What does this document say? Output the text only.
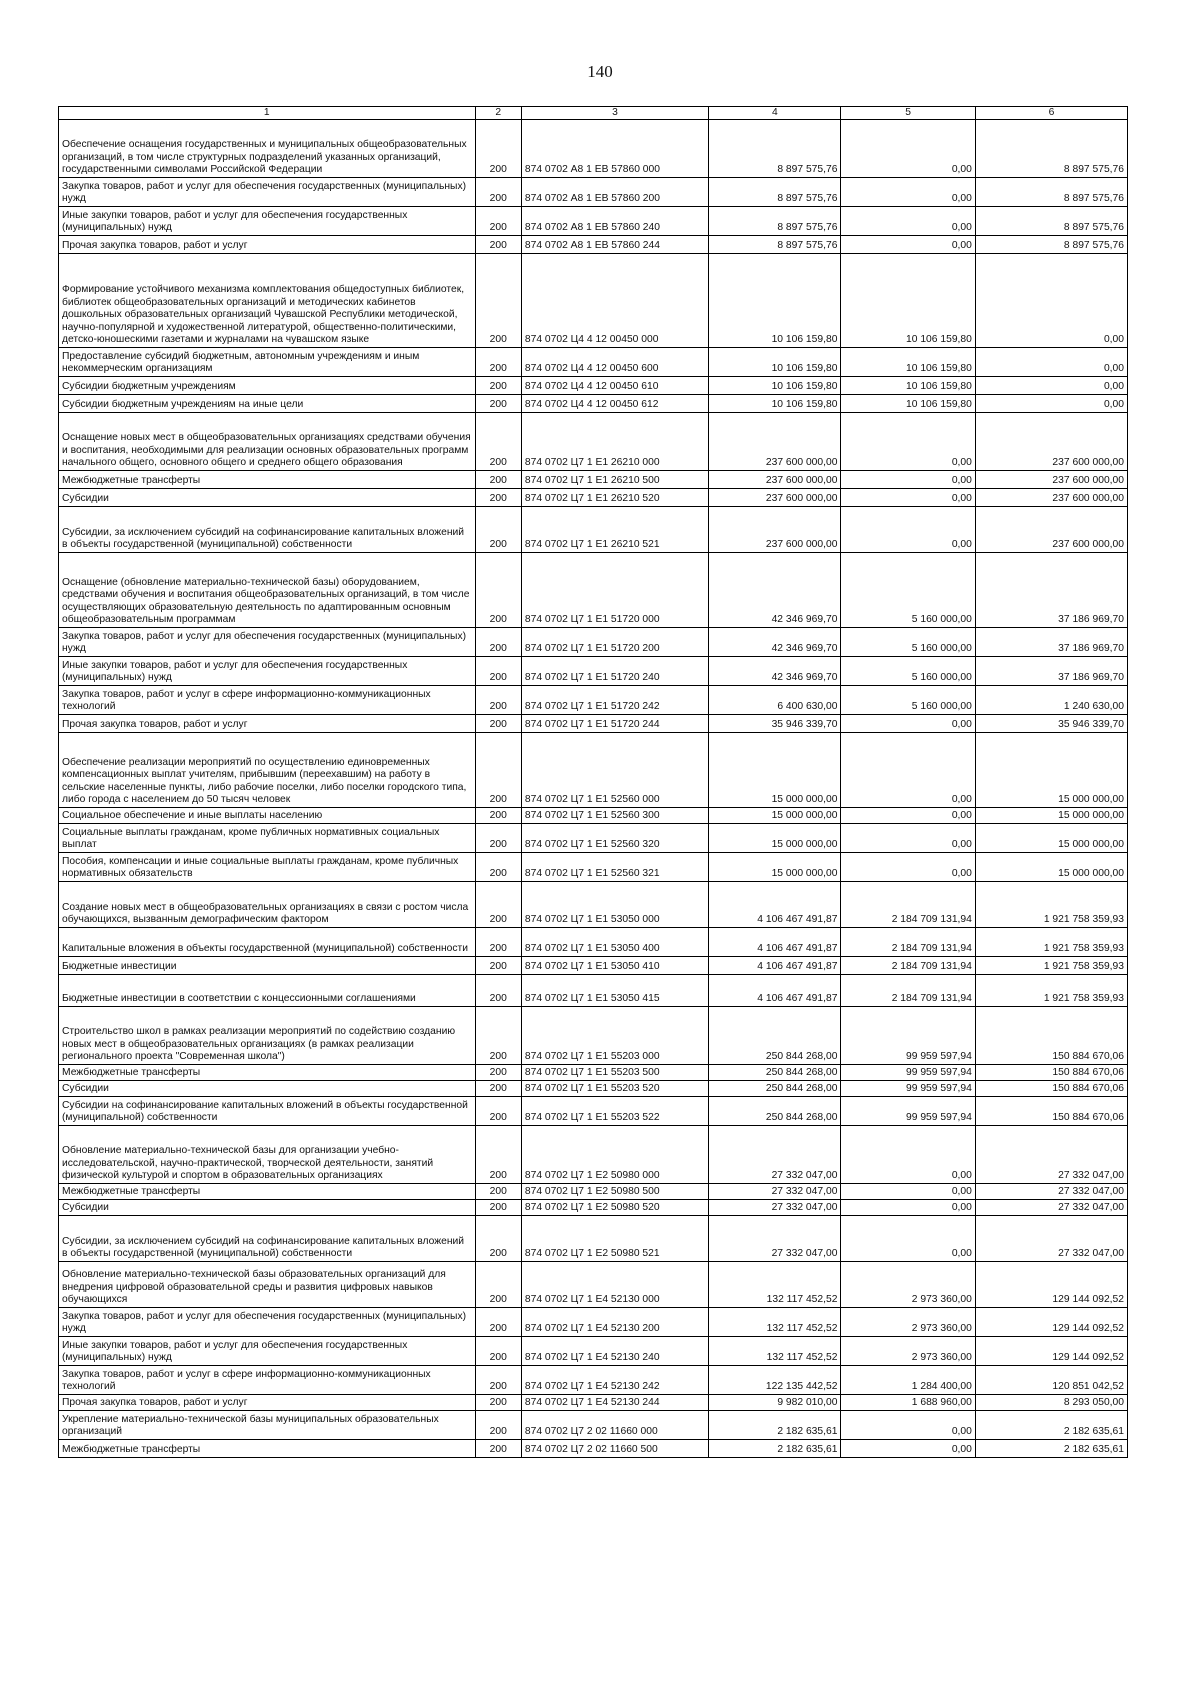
140
1	2	3	4	5	6
Обеспечение оснащения государственных и муниципальных общеобразовательных организаций, в том числе структурных подразделений указанных организаций, государственными символами Российской Федерации	200	874 0702 А8 1 ЕВ 57860 000	8 897 575,76	0,00	8 897 575,76
Закупка товаров, работ и услуг для обеспечения государственных (муниципальных) нужд	200	874 0702 А8 1 ЕВ 57860 200	8 897 575,76	0,00	8 897 575,76
Иные закупки товаров, работ и услуг для обеспечения государственных (муниципальных) нужд	200	874 0702 А8 1 ЕВ 57860 240	8 897 575,76	0,00	8 897 575,76
Прочая закупка товаров, работ и услуг	200	874 0702 А8 1 ЕВ 57860 244	8 897 575,76	0,00	8 897 575,76
Формирование устойчивого механизма комплектования общедоступных библиотек, библиотек общеобразовательных организаций и методических кабинетов дошкольных образовательных организаций Чувашской Республики методической, научно-популярной и художественной литературой, общественно-политическими, детско-юношескими газетами и журналами на чувашском языке	200	874 0702 Ц4 4 12 00450 000	10 106 159,80	10 106 159,80	0,00
Предоставление субсидий бюджетным, автономным учреждениям и иным некоммерческим организациям	200	874 0702 Ц4 4 12 00450 600	10 106 159,80	10 106 159,80	0,00
Субсидии бюджетным учреждениям	200	874 0702 Ц4 4 12 00450 610	10 106 159,80	10 106 159,80	0,00
Субсидии бюджетным учреждениям на иные цели	200	874 0702 Ц4 4 12 00450 612	10 106 159,80	10 106 159,80	0,00
Оснащение новых мест в общеобразовательных организациях средствами обучения и воспитания, необходимыми для реализации основных образовательных программ начального общего, основного общего и среднего общего образования	200	874 0702 Ц7 1 Е1 26210 000	237 600 000,00	0,00	237 600 000,00
Межбюджетные трансферты	200	874 0702 Ц7 1 Е1 26210 500	237 600 000,00	0,00	237 600 000,00
Субсидии	200	874 0702 Ц7 1 Е1 26210 520	237 600 000,00	0,00	237 600 000,00
Субсидии, за исключением субсидий на софинансирование капитальных вложений в объекты государственной (муниципальной) собственности	200	874 0702 Ц7 1 Е1 26210 521	237 600 000,00	0,00	237 600 000,00
Оснащение (обновление материально-технической базы) оборудованием, средствами обучения и воспитания общеобразовательных организаций, в том числе осуществляющих образовательную деятельность по адаптированным основным общеобразовательным программам	200	874 0702 Ц7 1 Е1 51720 000	42 346 969,70	5 160 000,00	37 186 969,70
Закупка товаров, работ и услуг для обеспечения государственных (муниципальных) нужд	200	874 0702 Ц7 1 Е1 51720 200	42 346 969,70	5 160 000,00	37 186 969,70
Иные закупки товаров, работ и услуг для обеспечения государственных (муниципальных) нужд	200	874 0702 Ц7 1 Е1 51720 240	42 346 969,70	5 160 000,00	37 186 969,70
Закупка товаров, работ и услуг в сфере информационно-коммуникационных технологий	200	874 0702 Ц7 1 Е1 51720 242	6 400 630,00	5 160 000,00	1 240 630,00
Прочая закупка товаров, работ и услуг	200	874 0702 Ц7 1 Е1 51720 244	35 946 339,70	0,00	35 946 339,70
Обеспечение реализации мероприятий по осуществлению единовременных компенсационных выплат учителям, прибывшим (переехавшим) на работу в сельские населенные пункты, либо рабочие поселки, либо поселки городского типа, либо города с населением до 50 тысяч человек	200	874 0702 Ц7 1 Е1 52560 000	15 000 000,00	0,00	15 000 000,00
Социальное обеспечение и иные выплаты населению	200	874 0702 Ц7 1 Е1 52560 300	15 000 000,00	0,00	15 000 000,00
Социальные выплаты гражданам, кроме публичных нормативных социальных выплат	200	874 0702 Ц7 1 Е1 52560 320	15 000 000,00	0,00	15 000 000,00
Пособия, компенсации и иные социальные выплаты гражданам, кроме публичных нормативных обязательств	200	874 0702 Ц7 1 Е1 52560 321	15 000 000,00	0,00	15 000 000,00
Создание новых мест в общеобразовательных организациях в связи с ростом числа обучающихся, вызванным демографическим фактором	200	874 0702 Ц7 1 Е1 53050 000	4 106 467 491,87	2 184 709 131,94	1 921 758 359,93
Капитальные вложения в объекты государственной (муниципальной) собственности	200	874 0702 Ц7 1 Е1 53050 400	4 106 467 491,87	2 184 709 131,94	1 921 758 359,93
Бюджетные инвестиции	200	874 0702 Ц7 1 Е1 53050 410	4 106 467 491,87	2 184 709 131,94	1 921 758 359,93
Бюджетные инвестиции в соответствии с концессионными соглашениями	200	874 0702 Ц7 1 Е1 53050 415	4 106 467 491,87	2 184 709 131,94	1 921 758 359,93
Строительство школ в рамках реализации мероприятий по содействию созданию новых мест в общеобразовательных организациях (в рамках реализации регионального проекта "Современная школа")	200	874 0702 Ц7 1 Е1 55203 000	250 844 268,00	99 959 597,94	150 884 670,06
Межбюджетные трансферты	200	874 0702 Ц7 1 Е1 55203 500	250 844 268,00	99 959 597,94	150 884 670,06
Субсидии	200	874 0702 Ц7 1 Е1 55203 520	250 844 268,00	99 959 597,94	150 884 670,06
Субсидии на софинансирование капитальных вложений в объекты государственной (муниципальной) собственности	200	874 0702 Ц7 1 Е1 55203 522	250 844 268,00	99 959 597,94	150 884 670,06
Обновление материально-технической базы для организации учебно-исследовательской, научно-практической, творческой деятельности, занятий физической культурой и спортом в образовательных организациях	200	874 0702 Ц7 1 Е2 50980 000	27 332 047,00	0,00	27 332 047,00
Межбюджетные трансферты	200	874 0702 Ц7 1 Е2 50980 500	27 332 047,00	0,00	27 332 047,00
Субсидии	200	874 0702 Ц7 1 Е2 50980 520	27 332 047,00	0,00	27 332 047,00
Субсидии, за исключением субсидий на софинансирование капитальных вложений в объекты государственной (муниципальной) собственности	200	874 0702 Ц7 1 Е2 50980 521	27 332 047,00	0,00	27 332 047,00
Обновление материально-технической базы образовательных организаций для внедрения цифровой образовательной среды и развития цифровых навыков обучающихся	200	874 0702 Ц7 1 Е4 52130 000	132 117 452,52	2 973 360,00	129 144 092,52
Закупка товаров, работ и услуг для обеспечения государственных (муниципальных) нужд	200	874 0702 Ц7 1 Е4 52130 200	132 117 452,52	2 973 360,00	129 144 092,52
Иные закупки товаров, работ и услуг для обеспечения государственных (муниципальных) нужд	200	874 0702 Ц7 1 Е4 52130 240	132 117 452,52	2 973 360,00	129 144 092,52
Закупка товаров, работ и услуг в сфере информационно-коммуникационных технологий	200	874 0702 Ц7 1 Е4 52130 242	122 135 442,52	1 284 400,00	120 851 042,52
Прочая закупка товаров, работ и услуг	200	874 0702 Ц7 1 Е4 52130 244	9 982 010,00	1 688 960,00	8 293 050,00
Укрепление материально-технической базы муниципальных образовательных организаций	200	874 0702 Ц7 2 02 11660 000	2 182 635,61	0,00	2 182 635,61
Межбюджетные трансферты	200	874 0702 Ц7 2 02 11660 500	2 182 635,61	0,00	2 182 635,61
